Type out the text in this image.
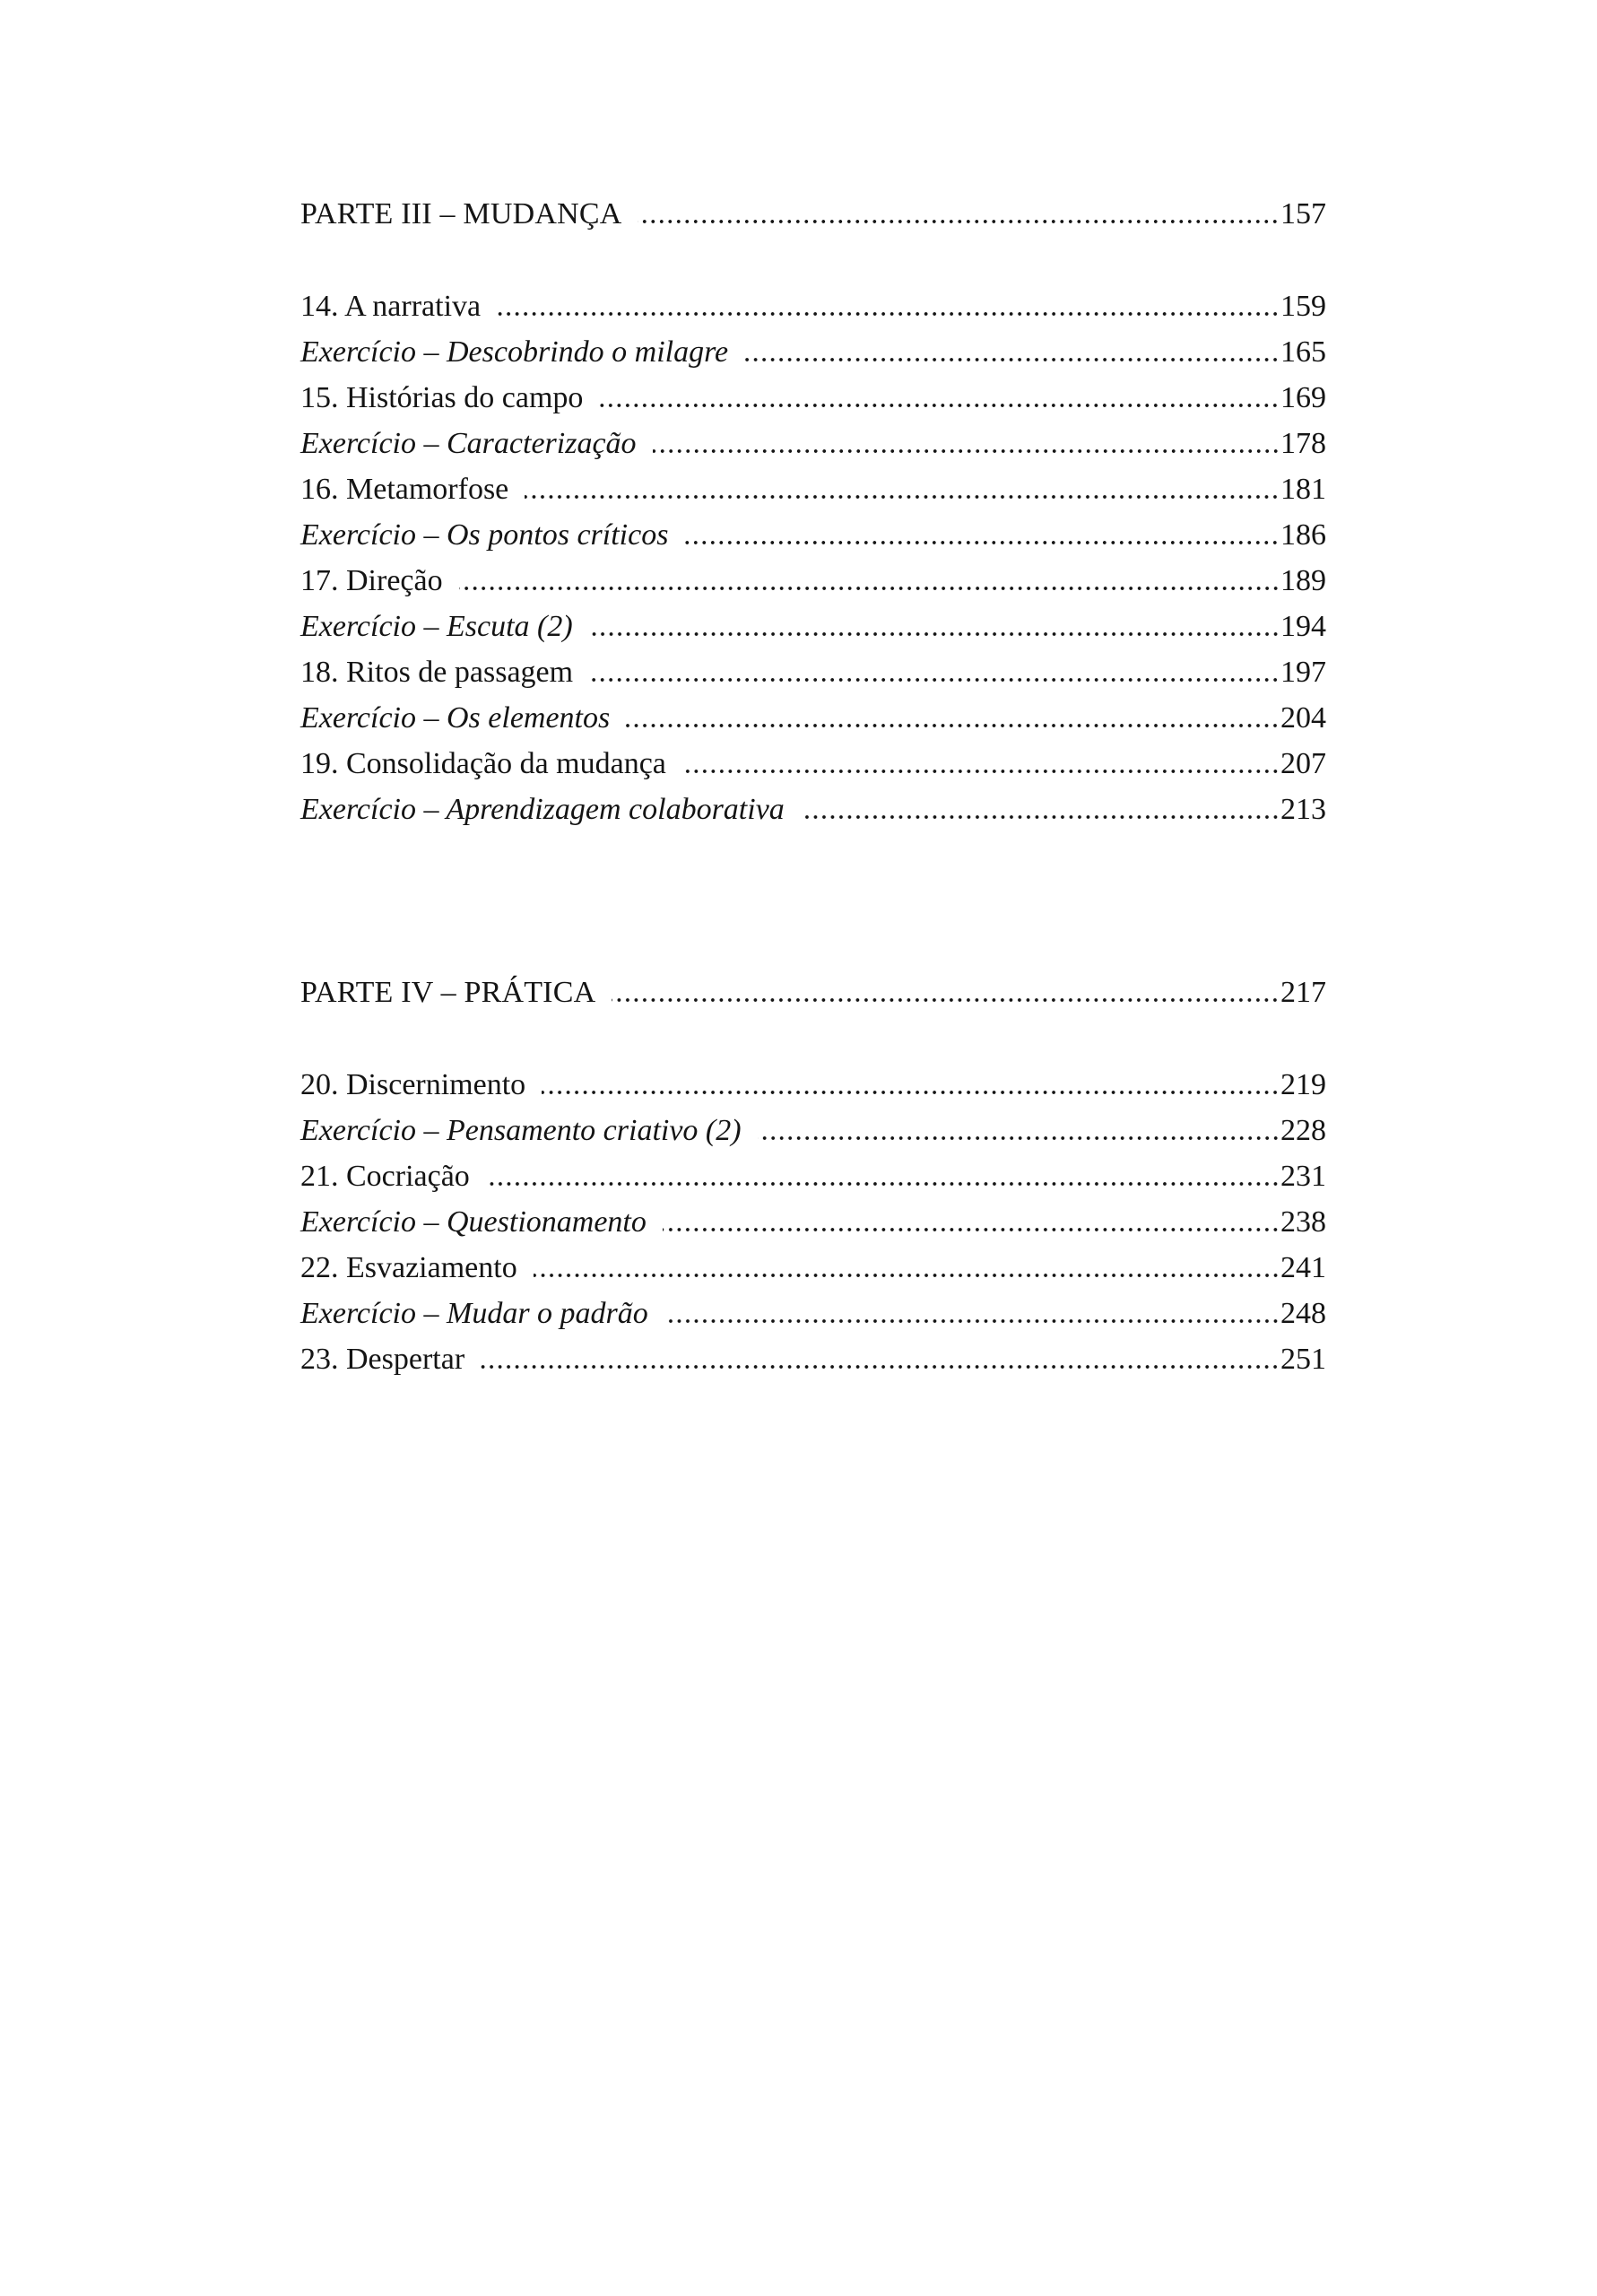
PARTE III – MUDANÇA	157
14. A narrativa	159
Exercício – Descobrindo o milagre	165
15. Histórias do campo	169
Exercício – Caracterização	178
16. Metamorfose	181
Exercício – Os pontos críticos	186
17. Direção	189
Exercício – Escuta (2)	194
18. Ritos de passagem	197
Exercício – Os elementos	204
19. Consolidação da mudança	207
Exercício – Aprendizagem colaborativa	213
PARTE IV – PRÁTICA	217
20. Discernimento	219
Exercício – Pensamento criativo (2)	228
21. Cocriação	231
Exercício – Questionamento	238
22. Esvaziamento	241
Exercício – Mudar o padrão	248
23. Despertar	251
